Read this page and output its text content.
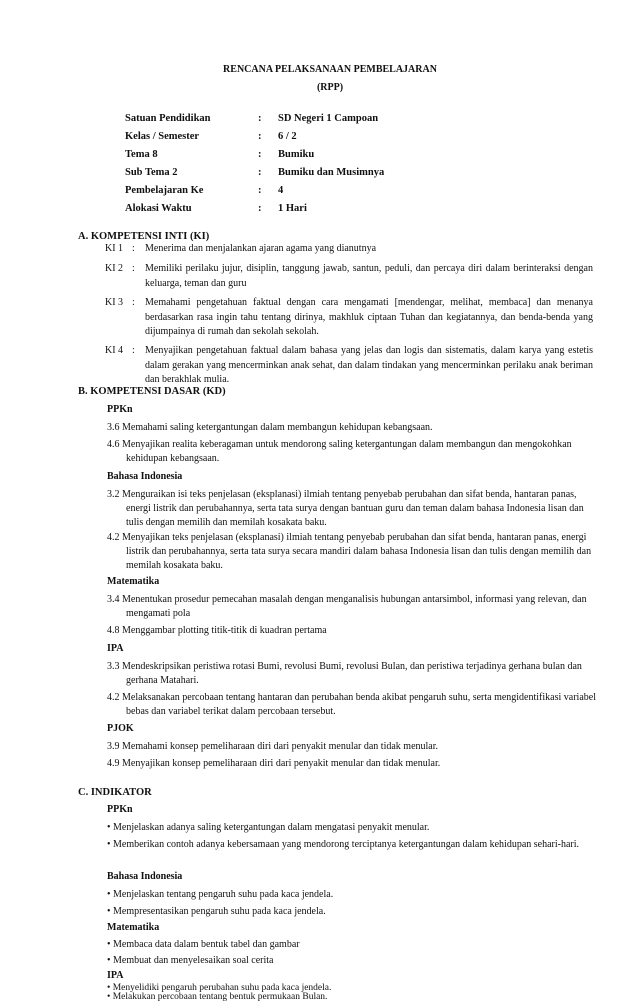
RENCANA PELAKSANAAN PEMBELAJARAN
(RPP)
Satuan Pendidikan	: SD Negeri 1 Campoan
Kelas / Semester	: 6 / 2
Tema 8	: Bumiku
Sub Tema 2	: Bumiku dan Musimnya
Pembelajaran Ke	: 4
Alokasi Waktu	: 1 Hari
A. KOMPETENSI INTI (KI)
KI 1 : Menerima dan menjalankan ajaran agama yang dianutnya
KI 2 : Memiliki perilaku jujur, disiplin, tanggung jawab, santun, peduli, dan percaya diri dalam berinteraksi dengan keluarga, teman dan guru
KI 3 : Memahami pengetahuan faktual dengan cara mengamati [mendengar, melihat, membaca] dan menanya berdasarkan rasa ingin tahu tentang dirinya, makhluk ciptaan Tuhan dan kegiatannya, dan benda-benda yang dijumpainya di rumah dan sekolah sekolah.
KI 4 : Menyajikan pengetahuan faktual dalam bahasa yang jelas dan logis dan sistematis, dalam karya yang estetis dalam gerakan yang mencerminkan anak sehat, dan dalam tindakan yang mencerminkan perilaku anak beriman dan berakhlak mulia.
B. KOMPETENSI DASAR (KD)
PPKn
3.6 Memahami saling ketergantungan dalam membangun kehidupan kebangsaan.
4.6 Menyajikan realita keberagaman untuk mendorong saling ketergantungan dalam membangun dan mengokohkan kehidupan kebangsaan.
Bahasa Indonesia
3.2 Menguraikan isi teks penjelasan (eksplanasi) ilmiah tentang penyebab perubahan dan sifat benda, hantaran panas, energi listrik dan perubahannya, serta tata surya dengan bantuan guru dan teman dalam bahasa Indonesia lisan dan tulis dengan memilih dan memilah kosakata baku.
4.2 Menyajikan teks penjelasan (eksplanasi) ilmiah tentang penyebab perubahan dan sifat benda, hantaran panas, energi listrik dan perubahannya, serta tata surya secara mandiri dalam bahasa Indonesia lisan dan tulis dengan memilih dan memilah kosakata baku.
Matematika
3.4 Menentukan prosedur pemecahan masalah dengan menganalisis hubungan antarsimbol, informasi yang relevan, dan mengamati pola
4.8 Menggambar plotting titik-titik di kuadran pertama
IPA
3.3 Mendeskripsikan peristiwa rotasi Bumi, revolusi Bumi, revolusi Bulan, dan peristiwa terjadinya gerhana bulan dan gerhana Matahari.
4.2 Melaksanakan percobaan tentang hantaran dan perubahan benda akibat pengaruh suhu, serta mengidentifikasi variabel bebas dan variabel terikat dalam percobaan tersebut.
PJOK
3.9 Memahami konsep pemeliharaan diri dari penyakit menular dan tidak menular.
4.9 Menyajikan konsep pemeliharaan diri dari penyakit menular dan tidak menular.
C. INDIKATOR
PPKn
• Menjelaskan adanya saling ketergantungan dalam mengatasi penyakit menular.
• Memberikan contoh adanya kebersamaan yang mendorong terciptanya ketergantungan dalam kehidupan sehari-hari.
Bahasa Indonesia
• Menjelaskan tentang pengaruh suhu pada kaca jendela.
• Mempresentasikan pengaruh suhu pada kaca jendela.
Matematika
• Membaca data dalam bentuk tabel dan gambar
• Membuat dan menyelesaikan soal cerita
IPA
• Menyelidiki pengaruh perubahan suhu pada kaca jendela.
• Melakukan percobaan tentang bentuk permukaan Bulan.
